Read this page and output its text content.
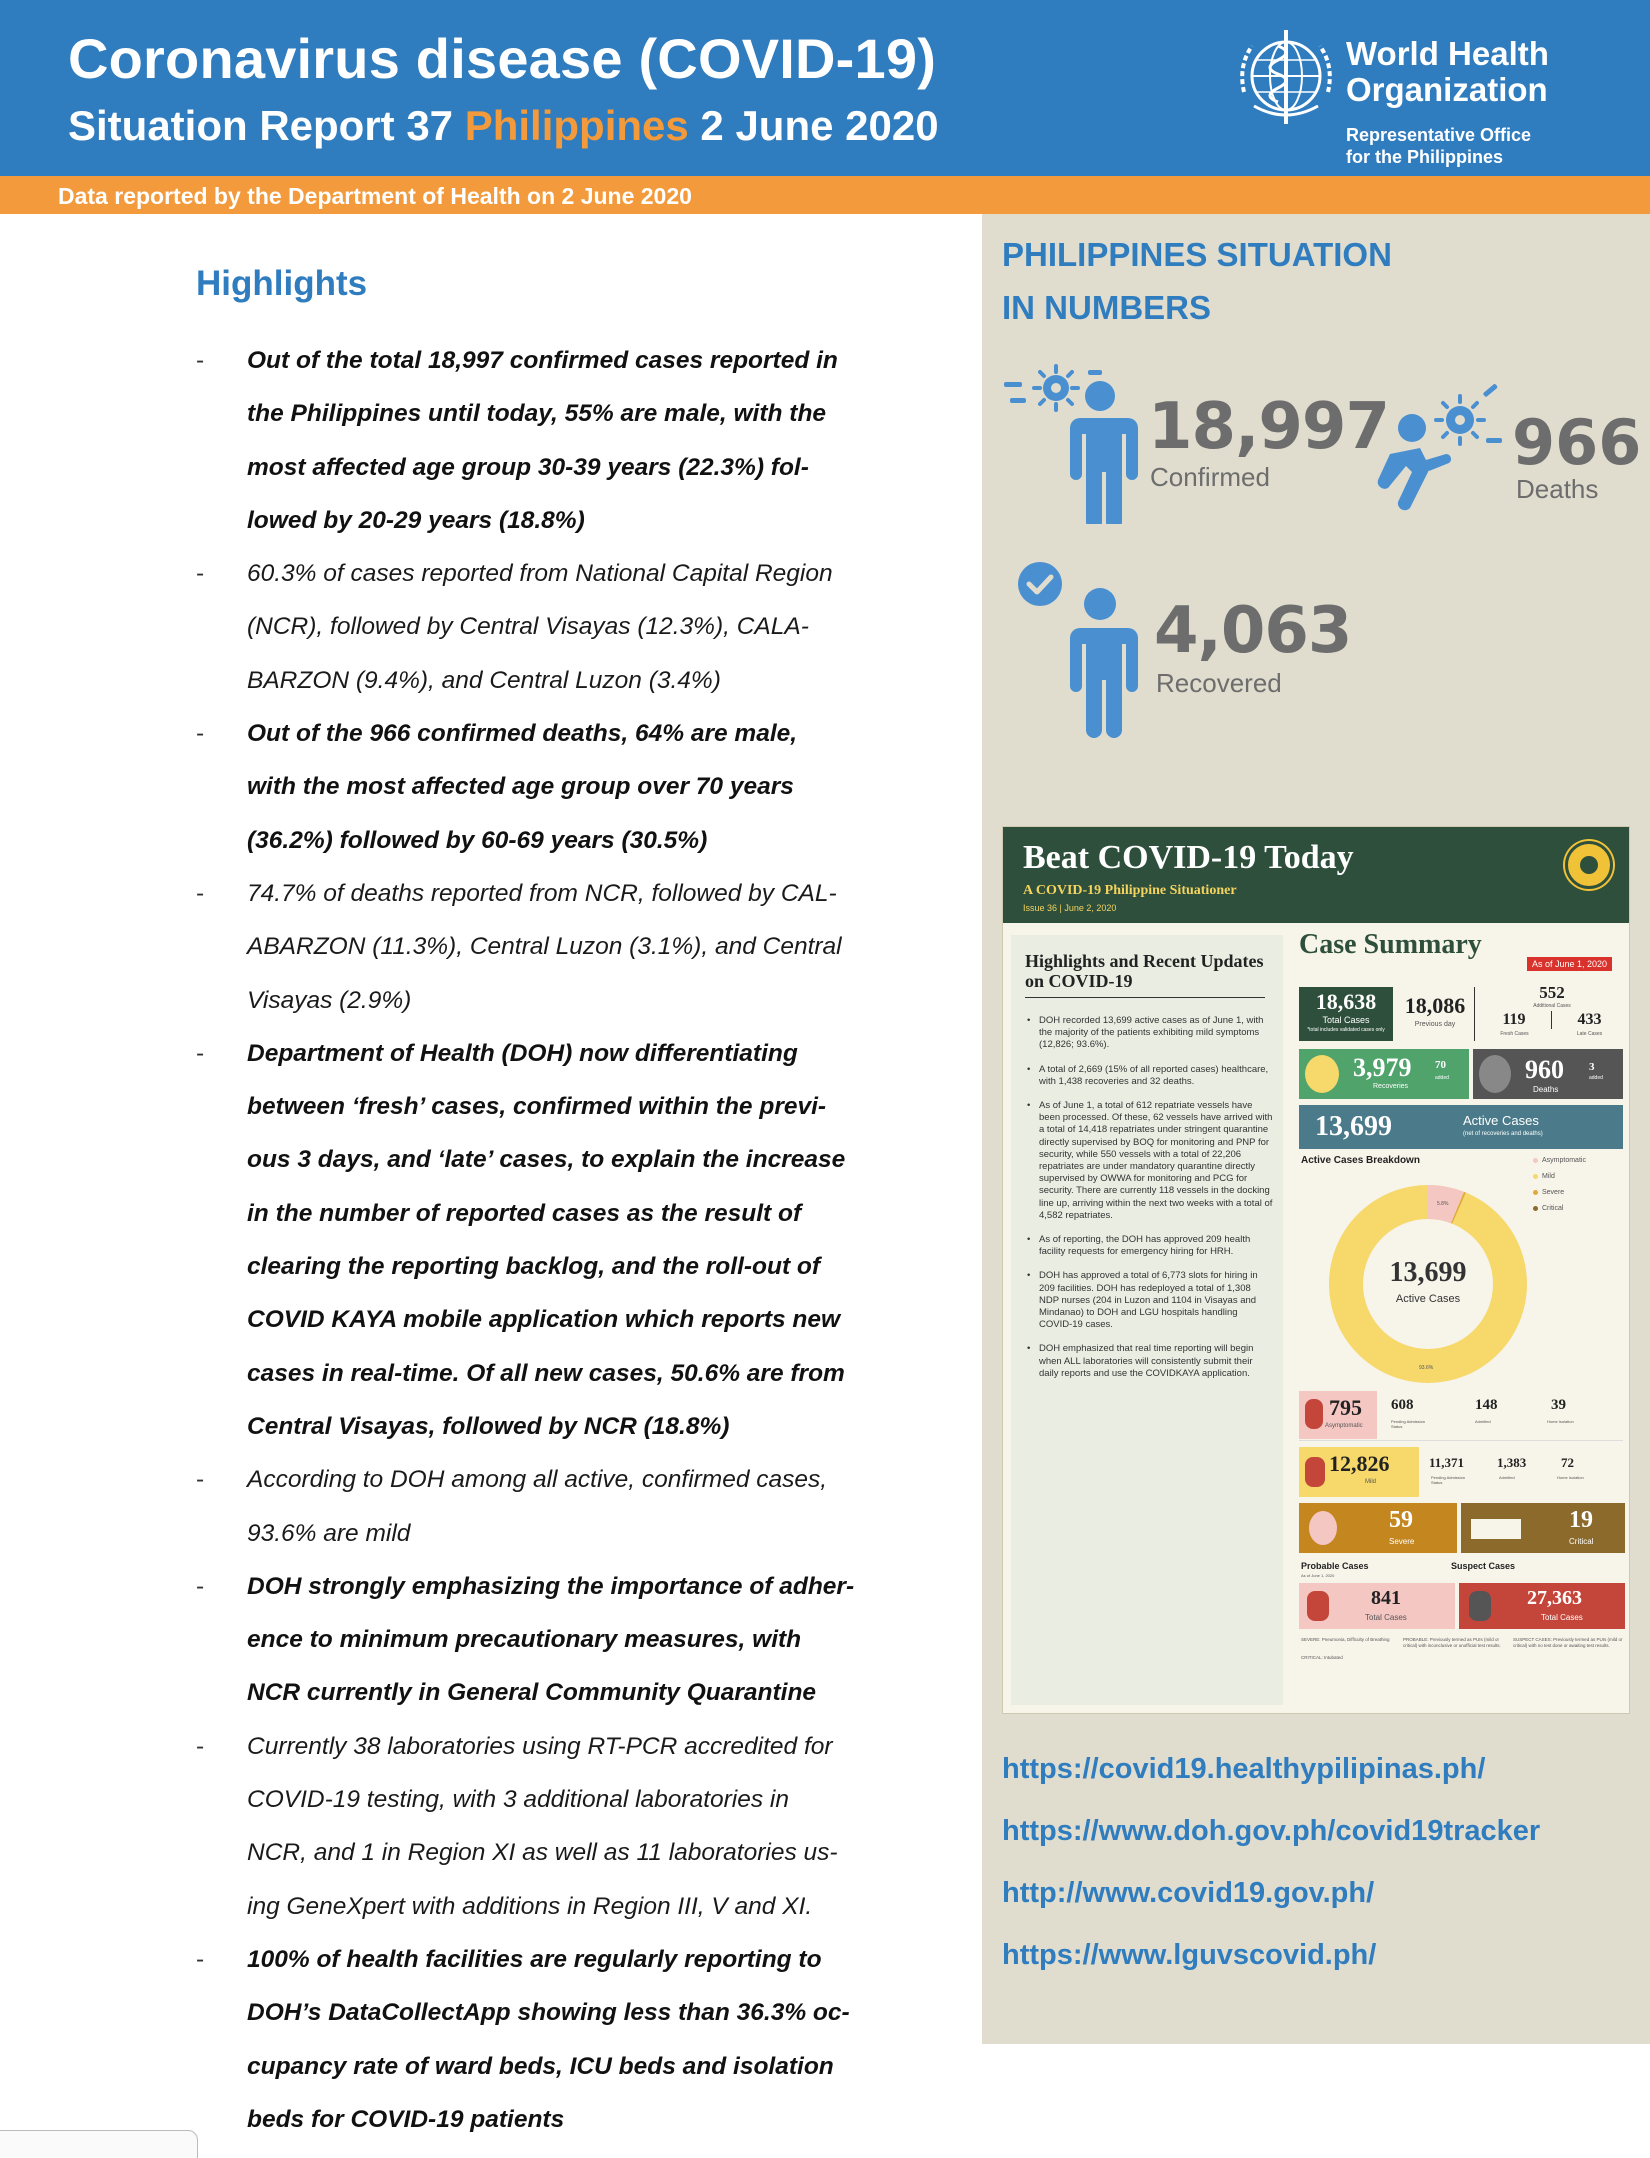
Coronavirus disease (COVID-19)
Situation Report 37 Philippines 2 June 2020
World Health
Organization
Representative Office
for the Philippines
Data reported by the Department of Health on 2 June 2020
Highlights
- Out of the total 18,997 confirmed cases reported in
the Philippines until today, 55% are male, with the
most affected age group 30-39 years (22.3%) fol-
lowed by 20-29 years (18.8%)
- 60.3% of cases reported from National Capital Region
(NCR), followed by Central Visayas (12.3%), CALA-
BARZON (9.4%), and Central Luzon (3.4%)
- Out of the 966 confirmed deaths, 64% are male,
with the most affected age group over 70 years
(36.2%) followed by 60-69 years (30.5%)
- 74.7% of deaths reported from NCR, followed by CAL-
ABARZON (11.3%), Central Luzon (3.1%), and Central
Visayas (2.9%)
- Department of Health (DOH) now differentiating
between ‘fresh’ cases, confirmed within the previ-
ous 3 days, and ‘late’ cases, to explain the increase
in the number of reported cases as the result of
clearing the reporting backlog, and the roll-out of
COVID KAYA mobile application which reports new
cases in real-time. Of all new cases, 50.6% are from
Central Visayas, followed by NCR (18.8%)
- According to DOH among all active, confirmed cases,
93.6% are mild
- DOH strongly emphasizing the importance of adher-
ence to minimum precautionary measures, with
NCR currently in General Community Quarantine
- Currently 38 laboratories using RT-PCR accredited for
COVID-19 testing, with 3 additional laboratories in
NCR, and 1 in Region XI as well as 11 laboratories us-
ing GeneXpert with additions in Region III, V and XI.
- 100% of health facilities are regularly reporting to
DOH’s DataCollectApp showing less than 36.3% oc-
cupancy rate of ward beds, ICU beds and isolation
beds for COVID-19 patients
PHILIPPINES SITUATION
IN NUMBERS
18,997
Confirmed	966
Deaths
4,063
Recovered
Beat COVID-19 Today
A COVID-19 Philippine Situationer
Issue 36 | June 2, 2020
Highlights and Recent Updates on COVID-19
• DOH recorded 13,699 active cases as of June 1, with the majority of the patients exhibiting mild symptoms (12,826; 93.6%).
• A total of 2,669 (15% of all reported cases) healthcare, with 1,438 recoveries and 32 deaths.
• As of June 1, a total of 612 repatriate vessels have been processed. Of these, 62 vessels have arrived with a total of 14,418 repatriates under stringent quarantine directly supervised by BOQ for monitoring and PNP for security, while 550 vessels with a total of 22,206 repatriates are under mandatory quarantine directly supervised by OWWA for monitoring and PCG for security. There are currently 118 vessels in the docking line up, arriving within the next two weeks with a total of 4,582 repatriates.
• As of reporting, the DOH has approved 209 health facility requests for emergency hiring for HRH.
• DOH has approved a total of 6,773 slots for hiring in 209 facilities. DOH has redeployed a total of 1,308 NDP nurses (204 in Luzon and 1104 in Visayas and Mindanao) to DOH and LGU hospitals handling COVID-19 cases.
• DOH emphasized that real time reporting will begin when ALL laboratories will consistently submit their daily reports and use the COVIDKAYA application.
Case Summary
As of June 1, 2020
18,638
Total Cases
*total includes validated cases only
18,086
Previous day
552
Additional Cases
119	433
Fresh Cases	Late Cases
3,979 70
added
Recoveries
960 3
added
Deaths
13,699	Active Cases
(net of recoveries and deaths)
Active Cases Breakdown
13,699
Active Cases
5.8%
93.6%
Asymptomatic
Mild
Severe
Critical
795
Asymptomatic
608
Pending Admission Status
148
Admitted
39
Home Isolation
12,826
Mild
11,371	1,383	72
Pending Admission Status
Admitted	Home Isolation
59
Severe
19
Critical
Probable Cases
As of June 1, 2020
Suspect Cases
841
Total Cases
27,363
Total Cases
SEVERE: Pneumonia, Difficulty of Breathing
CRITICAL: Intubated
PROBABLE: Previously termed as PUIs (mild or critical) with inconclusive or unofficial test results.
SUSPECT CASES: Previously termed as PUIs (mild or critical) with no test done or awaiting test results.
https://covid19.healthypilipinas.ph/
https://www.doh.gov.ph/covid19tracker
http://www.covid19.gov.ph/
https://www.lguvscovid.ph/
